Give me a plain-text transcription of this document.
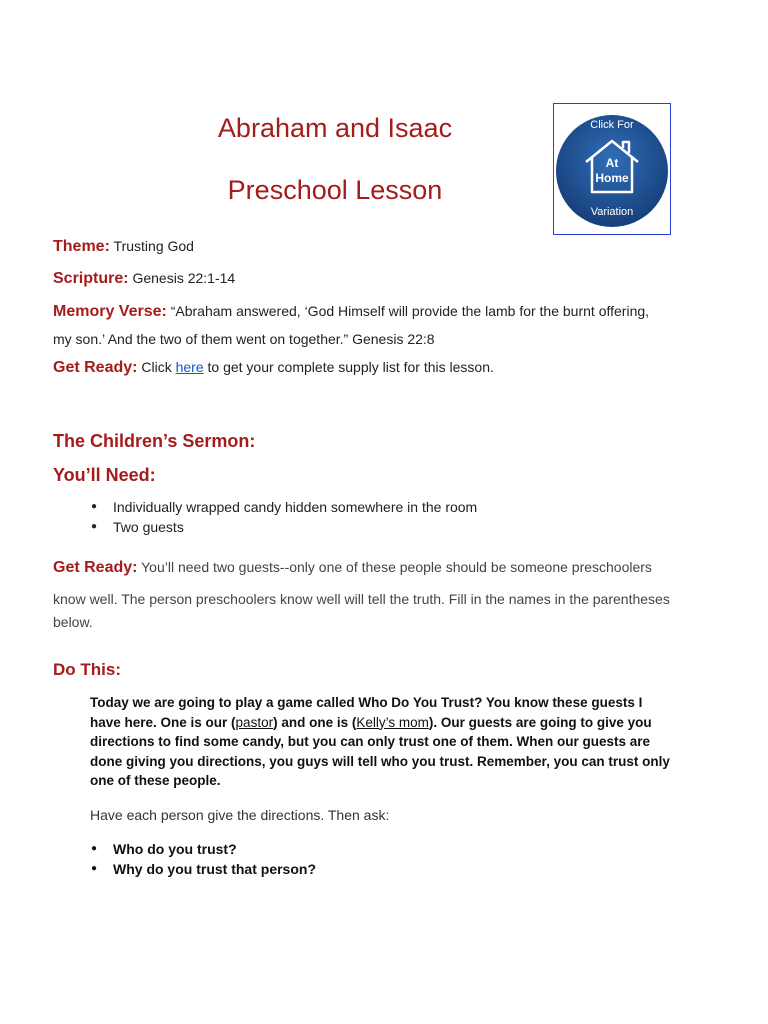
Abraham and Isaac
Preschool Lesson
Click For
At
Home
Variation
Theme: Trusting God
Scripture: Genesis 22:1-14
Memory Verse: “Abraham answered, ‘God Himself will provide the lamb for the burnt offering,
my son.’ And the two of them went on together.” Genesis 22:8
Get Ready: Click here to get your complete supply list for this lesson.
The Children’s Sermon:
You’ll Need:
● Individually wrapped candy hidden somewhere in the room
● Two guests
Get Ready: You’ll need two guests--only one of these people should be someone preschoolers
know well. The person preschoolers know well will tell the truth. Fill in the names in the parentheses
below.
Do This:
Today we are going to play a game called Who Do You Trust? You know these guests I have here. One is our (pastor) and one is (Kelly’s mom). Our guests are going to give you directions to find some candy, but you can only trust one of them. When our guests are done giving you directions, you guys will tell who you trust. Remember, you can trust only one of these people.
Have each person give the directions. Then ask:
● Who do you trust?
● Why do you trust that person?
